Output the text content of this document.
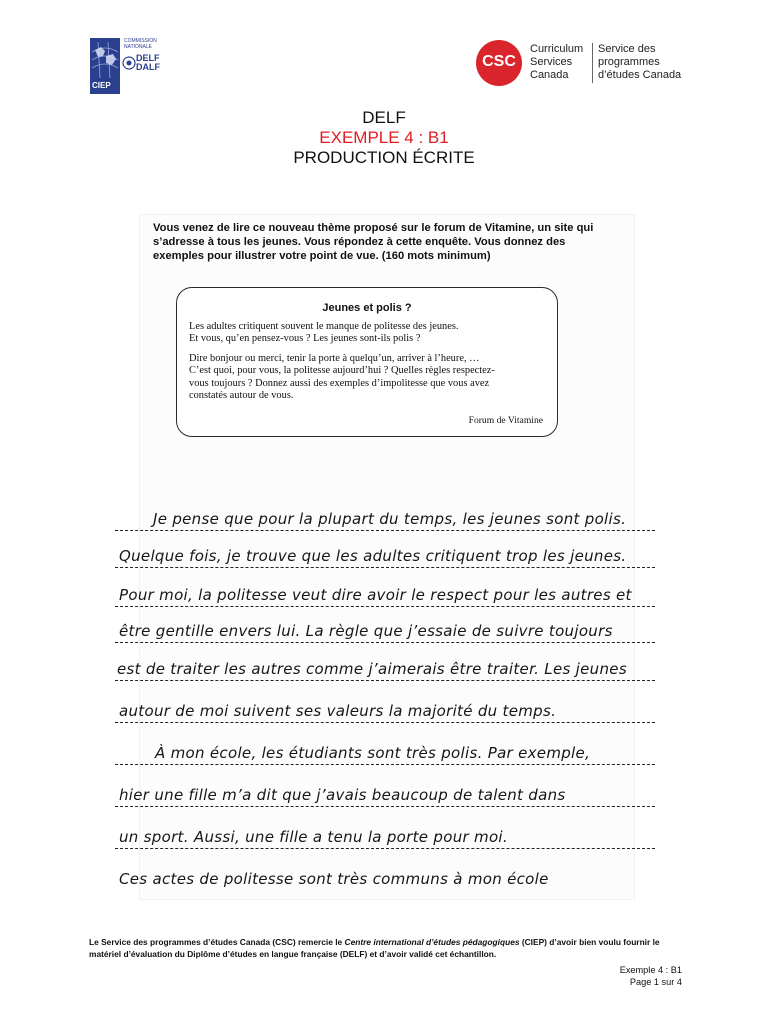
CIEP
COMMISSION NATIONALE
DELF
DALF	CSC
Curriculum
Services
Canada
Service des
programmes
d’études Canada
DELF
EXEMPLE 4 : B1
PRODUCTION ÉCRITE
Vous venez de lire ce nouveau thème proposé sur le forum de Vitamine, un site qui
s’adresse à tous les jeunes. Vous répondez à cette enquête. Vous donnez des
exemples pour illustrer votre point de vue. (160 mots minimum)
Jeunes et polis ?
Les adultes critiquent souvent le manque de politesse des jeunes.
Et vous, qu’en pensez-vous ? Les jeunes sont-ils polis ?
Dire bonjour ou merci, tenir la porte à quelqu’un, arriver à l’heure, …
C’est quoi, pour vous, la politesse aujourd’hui ? Quelles règles respectez-
vous toujours ? Donnez aussi des exemples d’impolitesse que vous avez
constatés autour de vous.
Forum de Vitamine
Je pense que pour la plupart du temps, les jeunes sont polis.
Quelque fois, je trouve que les adultes critiquent trop les jeunes.
Pour moi, la politesse veut dire avoir le respect pour les autres et
être gentille envers lui. La règle que j’essaie de suivre toujours
est de traiter les autres comme j’aimerais être traiter. Les jeunes
autour de moi suivent ses valeurs la majorité du temps.
À mon école, les étudiants sont très polis. Par exemple,
hier une fille m’a dit que j’avais beaucoup de talent dans
un sport. Aussi, une fille a tenu la porte pour moi.
Ces actes de politesse sont très communs à mon école
Le Service des programmes d’études Canada (CSC) remercie le Centre international d’études pédagogiques (CIEP) d’avoir bien voulu fournir le matériel d’évaluation du Diplôme d’études en langue française (DELF) et d’avoir validé cet échantillon.
Exemple 4 : B1
Page 1 sur 4
